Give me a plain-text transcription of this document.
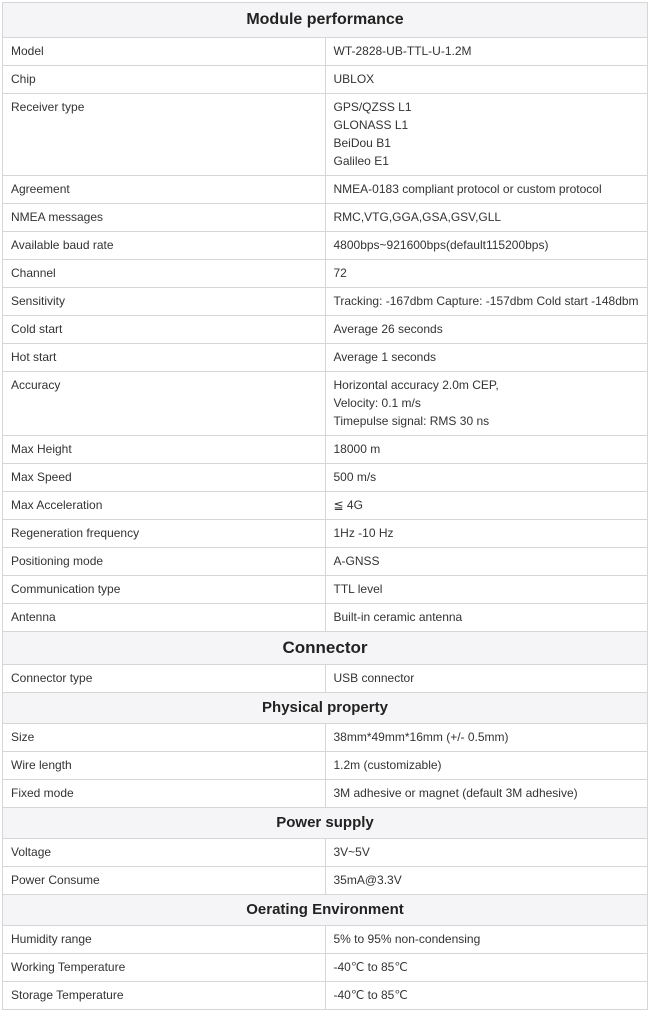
Module performance	
Model	WT-2828-UB-TTL-U-1.2M

Chip	UBLOX

Receiver type	GPS/QZSS L1
GLONASS L1
BeiDou B1
Galileo E1

Agreement	NMEA-0183 compliant protocol or custom protocol

NMEA messages	RMC,VTG,GGA,GSA,GSV,GLL

Available baud rate	4800bps~921600bps(default115200bps)

Channel	72

Sensitivity	Tracking: -167dbm Capture: -157dbm Cold start -148dbm

Cold start	Average 26 seconds

Hot start	Average 1 seconds

Accuracy	Horizontal accuracy 2.0m CEP,
Velocity: 0.1 m/s
Timepulse signal: RMS 30 ns

Max Height	18000 m

Max Speed	500 m/s

Max Acceleration	≦ 4G

Regeneration frequency	1Hz -10 Hz

Positioning mode	A-GNSS

Communication type	TTL level

Antenna	Built-in ceramic antenna

Connector	
Connector type	USB connector

Physical property	
Size	38mm*49mm*16mm (+/- 0.5mm)

Wire length	1.2m (customizable)

Fixed mode	3M adhesive or magnet (default 3M adhesive)

Power supply	
Voltage	3V~5V

Power Consume	35mA@3.3V

Oerating Environment	
Humidity range	5% to 95% non-condensing

Working Temperature	-40℃ to 85℃

Storage Temperature	-40℃ to 85℃
